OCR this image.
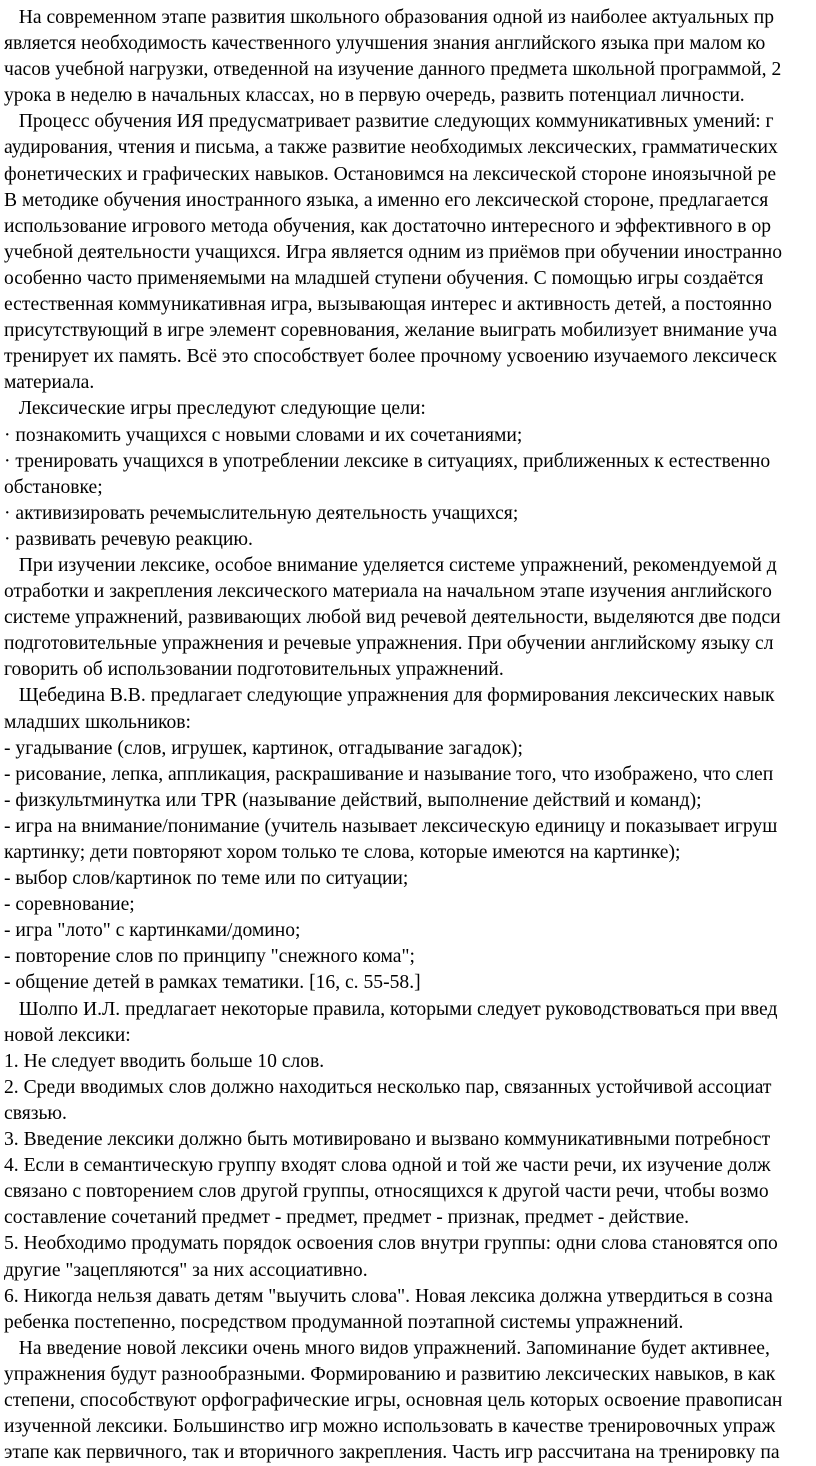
На современном этапе развития школьного образования одной из наиболее актуальных пр
является необходимость качественного улучшения знания английского языка при малом ко
часов учебной нагрузки, отведенной на изучение данного предмета школьной программой, 2
урока в неделю в начальных классах, но в первую очередь, развить потенциал личности.
Процесс обучения ИЯ предусматривает развитие следующих коммуникативных умений: г
аудирования, чтения и письма, а также развитие необходимых лексических, грамматических
фонетических и графических навыков. Остановимся на лексической стороне иноязычной ре
В методике обучения иностранного языка, а именно его лексической стороне, предлагается
использование игрового метода обучения, как достаточно интересного и эффективного в ор
учебной деятельности учащихся. Игра является одним из приёмов при обучении иностранно
особенно часто применяемыми на младшей ступени обучения. С помощью игры создаётся
естественная коммуникативная игра, вызывающая интерес и активность детей, а постоянно
присутствующий в игре элемент соревнования, желание выиграть мобилизует внимание уча
тренирует их память. Всё это способствует более прочному усвоению изучаемого лексическ
материала.
Лексические игры преследуют следующие цели:
· познакомить учащихся с новыми словами и их сочетаниями;
· тренировать учащихся в употреблении лексике в ситуациях, приближенных к естественно
обстановке;
· активизировать речемыслительную деятельность учащихся;
· развивать речевую реакцию.
При изучении лексике, особое внимание уделяется системе упражнений, рекомендуемой д
отработки и закрепления лексического материала на начальном этапе изучения английского
системе упражнений, развивающих любой вид речевой деятельности, выделяются две подси
подготовительные упражнения и речевые упражнения. При обучении английскому языку сл
говорить об использовании подготовительных упражнений.
Щебедина В.В. предлагает следующие упражнения для формирования лексических навык
младших школьников:
- угадывание (слов, игрушек, картинок, отгадывание загадок);
- рисование, лепка, аппликация, раскрашивание и называние того, что изображено, что слеп
- физкультминутка или TPR (называние действий, выполнение действий и команд);
- игра на внимание/понимание (учитель называет лексическую единицу и показывает игруш
картинку; дети повторяют хором только те слова, которые имеются на картинке);
- выбор слов/картинок по теме или по ситуации;
- соревнование;
- игра "лото" с картинками/домино;
- повторение слов по принципу "снежного кома";
- общение детей в рамках тематики. [16, с. 55-58.]
Шолпо И.Л. предлагает некоторые правила, которыми следует руководствоваться при введ
новой лексики:
1. Не следует вводить больше 10 слов.
2. Среди вводимых слов должно находиться несколько пар, связанных устойчивой ассоциат
связью.
3. Введение лексики должно быть мотивировано и вызвано коммуникативными потребност
4. Если в семантическую группу входят слова одной и той же части речи, их изучение долж
связано с повторением слов другой группы, относящихся к другой части речи, чтобы возмо
составление сочетаний предмет - предмет, предмет - признак, предмет - действие.
5. Необходимо продумать порядок освоения слов внутри группы: одни слова становятся опо
другие "зацепляются" за них ассоциативно.
6. Никогда нельзя давать детям "выучить слова". Новая лексика должна утвердиться в созна
ребенка постепенно, посредством продуманной поэтапной системы упражнений.
На введение новой лексики очень много видов упражнений. Запоминание будет активнее,
упражнения будут разнообразными. Формированию и развитию лексических навыков, в как
степени, способствуют орфографические игры, основная цель которых освоение правописан
изученной лексики. Большинство игр можно использовать в качестве тренировочных упраж
этапе как первичного, так и вторичного закрепления. Часть игр рассчитана на тренировку па
